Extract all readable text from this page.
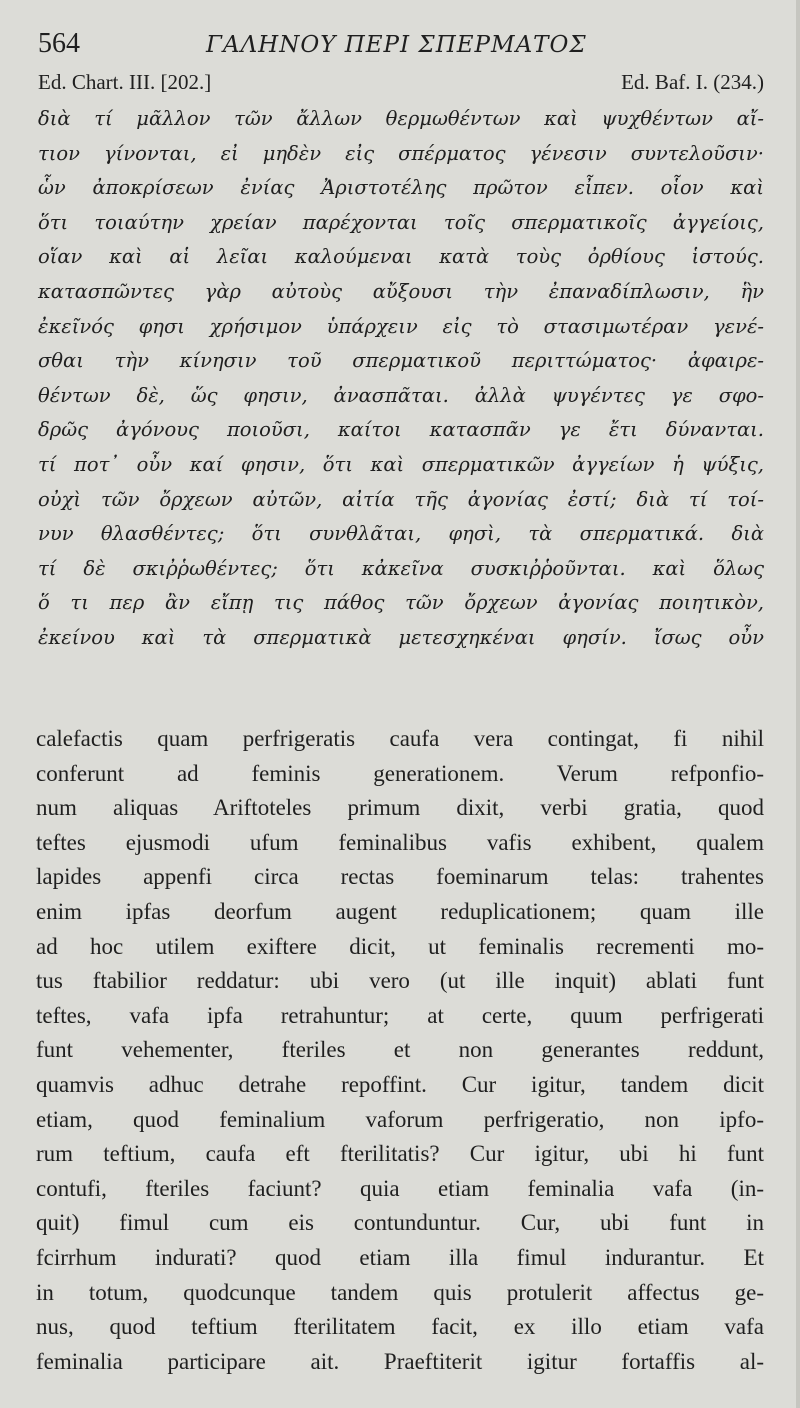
564	ΓΑΛΗΝΟΥ ΠΕΡΙ ΣΠΕΡΜΑΤΟΣ
Ed. Chart. III. [202.]	Ed. Baf. I. (234.)
διὰ τί μᾶλλον τῶν ἄλλων θερμωθέντων καὶ ψυχθέντων αἴ-
τιον γίνονται, εἰ μηδὲν εἰς σπέρματος γένεσιν συντελοῦσιν·
ὧν ἀποκρίσεων ἐνίας Ἀριστοτέλης πρῶτον εἶπεν. οἷον καὶ
ὅτι τοιαύτην χρείαν παρέχονται τοῖς σπερματικοῖς ἀγγείοις,
οἵαν καὶ αἱ λεῖαι καλούμεναι κατὰ τοὺς ὀρθίους ἱστούς.
κατασπῶντες γὰρ αὐτοὺς αὔξουσι τὴν ἐπαναδίπλωσιν, ἣν
ἐκεῖνός φησι χρήσιμον ὑπάρχειν εἰς τὸ στασιμωτέραν γενέ-
σθαι τὴν κίνησιν τοῦ σπερματικοῦ περιττώματος· ἀφαιρε-
θέντων δὲ, ὥς φησιν, ἀνασπᾶται. ἀλλὰ ψυγέντες γε σφο-
δρῶς ἀγόνους ποιοῦσι, καίτοι κατασπᾶν γε ἔτι δύνανται.
τί ποτ᾽ οὖν καί φησιν, ὅτι καὶ σπερματικῶν ἀγγείων ἡ ψύξις,
οὐχὶ τῶν ὄρχεων αὐτῶν, αἰτία τῆς ἀγονίας ἐστί; διὰ τί τοί-
νυν θλασθέντες; ὅτι συνθλᾶται, φησὶ, τὰ σπερματικά. διὰ
τί δὲ σκιῤῥωθέντες; ὅτι κἀκεῖνα συσκιῤῥοῦνται. καὶ ὅλως
ὅ τι περ ἂν εἴπῃ τις πάθος τῶν ὄρχεων ἀγονίας ποιητικὸν,
ἐκείνου καὶ τὰ σπερματικὰ μετεσχηκέναι φησίν. ἴσως οὖν
calefactis quam perfrigeratis caufa vera contingat, fi nihil
conferunt ad feminis generationem. Verum refponfio-
num aliquas Ariftoteles primum dixit, verbi gratia, quod
teftes ejusmodi ufum feminalibus vafis exhibent, qualem
lapides appenfi circa rectas foeminarum telas: trahentes
enim ipfas deorfum augent reduplicationem; quam ille
ad hoc utilem exiftere dicit, ut feminalis recrementi mo-
tus ftabilior reddatur: ubi vero (ut ille inquit) ablati funt
teftes, vafa ipfa retrahuntur; at certe, quum perfrigerati
funt vehementer, fteriles et non generantes reddunt,
quamvis adhuc detrahe repoffint. Cur igitur, tandem dicit
etiam, quod feminalium vaforum perfrigeratio, non ipfo-
rum teftium, caufa eft fterilitatis? Cur igitur, ubi hi funt
contufi, fteriles faciunt? quia etiam feminalia vafa (in-
quit) fimul cum eis contunduntur. Cur, ubi funt in
fcirrhum indurati? quod etiam illa fimul indurantur. Et
in totum, quodcunque tandem quis protulerit affectus ge-
nus, quod teftium fterilitatem facit, ex illo etiam vafa
feminalia participare ait. Praeftiterit igitur fortaffis al-
